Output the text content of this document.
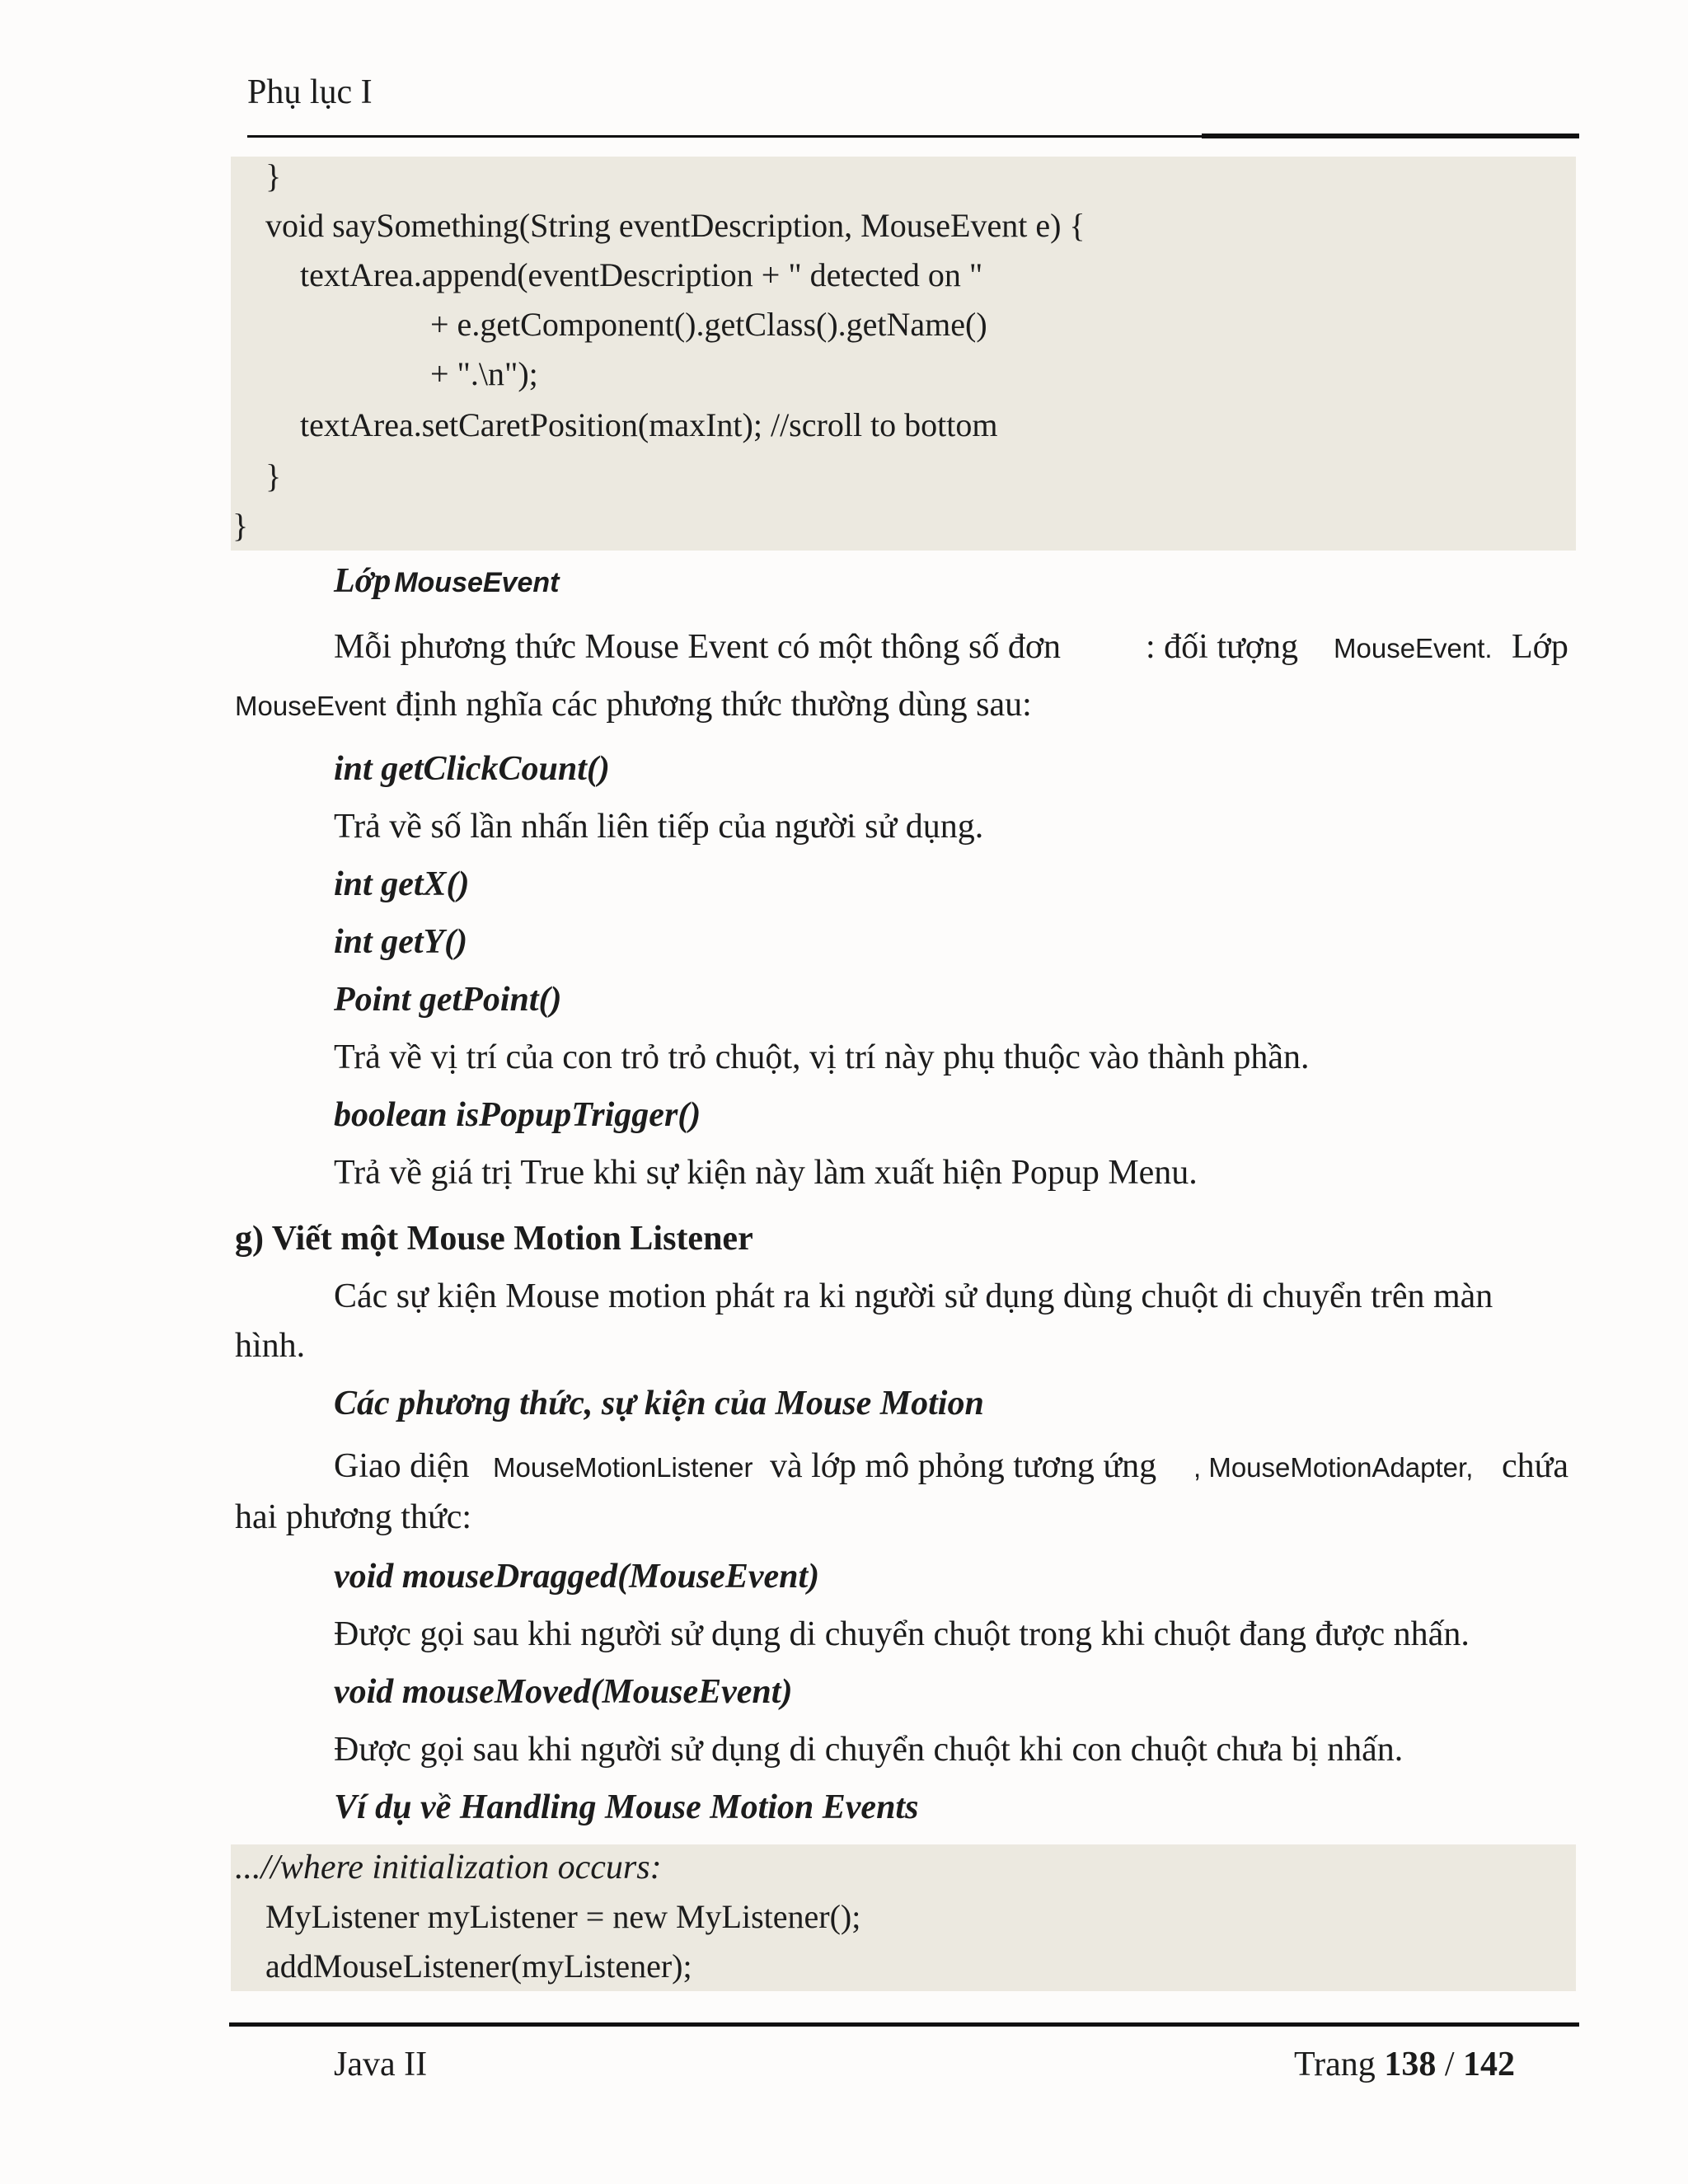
Phụ lục I
}
void saySomething(String eventDescription, MouseEvent e) {
textArea.append(eventDescription + " detected on "
+ e.getComponent().getClass().getName()
+ ".\n");
textArea.setCaretPosition(maxInt); //scroll to bottom
}
}
Lớp MouseEvent
Mỗi phương thức Mouse Event có một thông số đơn : đối tượng MouseEvent. Lớp
MouseEvent định nghĩa các phương thức thường dùng sau:
int getClickCount()
Trả về số lần nhấn liên tiếp của người sử dụng.
int getX()
int getY()
Point getPoint()
Trả về vị trí của con trỏ trỏ chuột, vị trí này phụ thuộc vào thành phần.
boolean isPopupTrigger()
Trả về giá trị True khi sự kiện này làm xuất hiện Popup Menu.
g) Viết một Mouse Motion Listener
Các sự kiện Mouse motion phát ra ki người sử dụng dùng chuột di chuyển trên màn
hình.
Các phương thức, sự kiện của Mouse Motion
Giao diện MouseMotionListener và lớp mô phỏng tương ứng , MouseMotionAdapter, chứa
hai phương thức:
void mouseDragged(MouseEvent)
Được gọi sau khi người sử dụng di chuyển chuột trong khi chuột đang được nhấn.
void mouseMoved(MouseEvent)
Được gọi sau khi người sử dụng di chuyển chuột khi con chuột chưa bị nhấn.
Ví dụ về Handling Mouse Motion Events
...//where initialization occurs:
MyListener myListener = new MyListener();
addMouseListener(myListener);
Java II	Trang 138 / 142
